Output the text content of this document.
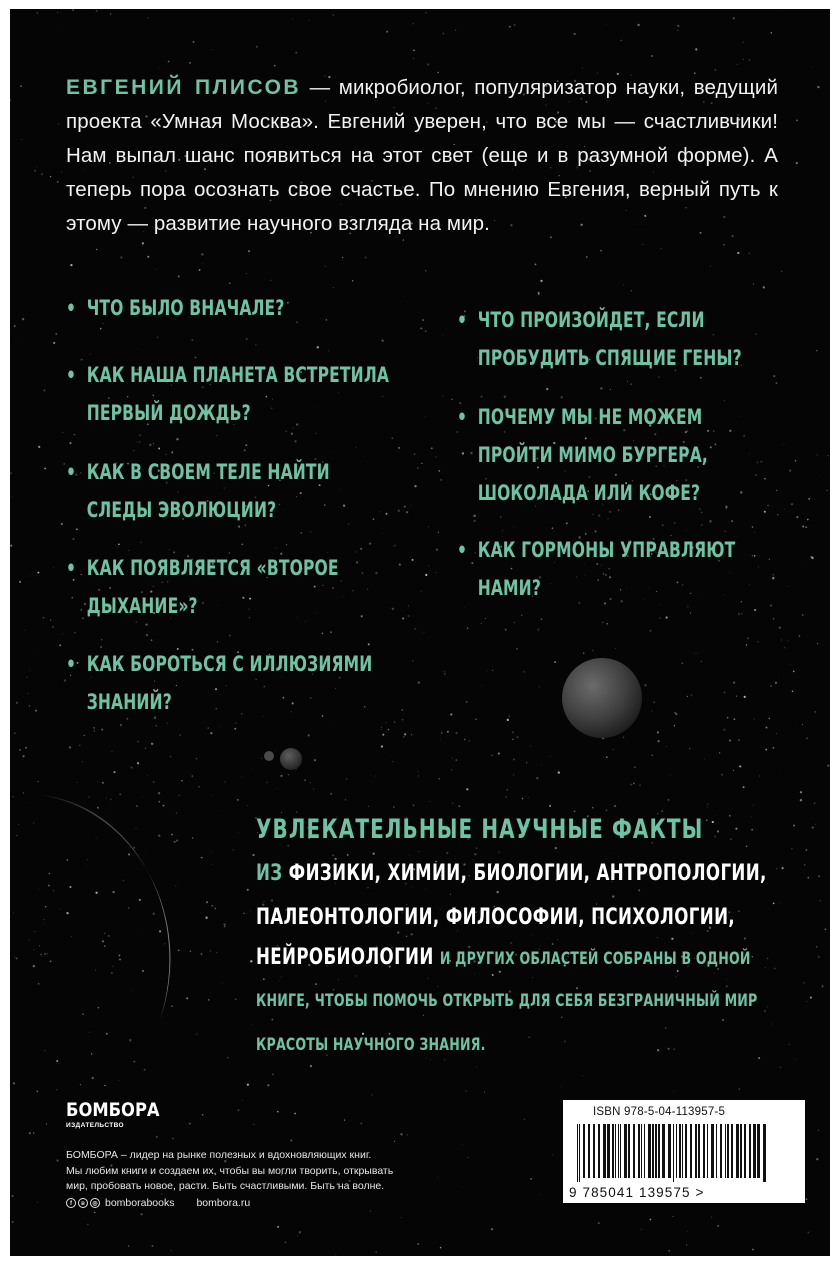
ЕВГЕНИЙ ПЛИСОВ — микробиолог, популяризатор науки, ведущий проекта «Умная Москва». Евгений уверен, что все мы — счастливчики! Нам выпал шанс появиться на этот свет (еще и в разумной форме). А теперь пора осознать свое счастье. По мнению Евгения, верный путь к этому — развитие научного взгляда на мир.
• ЧТО БЫЛО ВНАЧАЛЕ?
• КАК НАША ПЛАНЕТА ВСТРЕТИЛА
ПЕРВЫЙ ДОЖДЬ?
• КАК В СВОЕМ ТЕЛЕ НАЙТИ
СЛЕДЫ ЭВОЛЮЦИИ?
• КАК ПОЯВЛЯЕТСЯ «ВТОРОЕ
ДЫХАНИЕ»?
• КАК БОРОТЬСЯ С ИЛЛЮЗИЯМИ
ЗНАНИЙ?
• ЧТО ПРОИЗОЙДЕТ, ЕСЛИ
ПРОБУДИТЬ СПЯЩИЕ ГЕНЫ?
• ПОЧЕМУ МЫ НЕ МОЖЕМ
ПРОЙТИ МИМО БУРГЕРА,
ШОКОЛАДА ИЛИ КОФЕ?
• КАК ГОРМОНЫ УПРАВЛЯЮТ
НАМИ?
УВЛЕКАТЕЛЬНЫЕ НАУЧНЫЕ ФАКТЫ
ИЗ ФИЗИКИ, ХИМИИ, БИОЛОГИИ, АНТРОПОЛОГИИ,
ПАЛЕОНТОЛОГИИ, ФИЛОСОФИИ, ПСИХОЛОГИИ,
НЕЙРОБИОЛОГИИ И ДРУГИХ ОБЛАСТЕЙ СОБРАНЫ В ОДНОЙ
КНИГЕ, ЧТОБЫ ПОМОЧЬ ОТКРЫТЬ ДЛЯ СЕБЯ БЕЗГРАНИЧНЫЙ МИР
КРАСОТЫ НАУЧНОГО ЗНАНИЯ.
БОМБОРА
ИЗДАТЕЛЬСТВО
БОМБОРА – лидер на рынке полезных и вдохновляющих книг.
Мы любим книги и создаем их, чтобы вы могли творить, открывать
мир, пробовать новое, расти. Быть счастливыми. Быть на волне.
f	в	◎ bomborabooks bombora.ru
ISBN 978-5-04-113957-5
9 785041 139575 >
